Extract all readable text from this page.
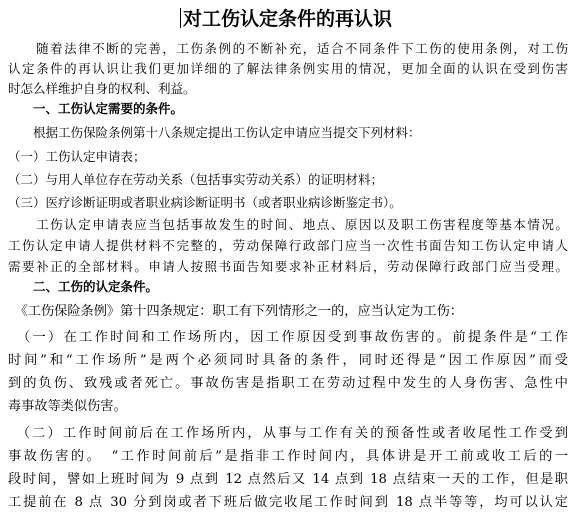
对工伤认定条件的再认识

　　随着法律不断的完善，工伤条例的不断补充，适合不同条件下工伤的使用条例，对工伤

认定条件的再认识让我们更加详细的了解法律条例实用的情况，更加全面的认识在受到伤害

时怎么样维护自身的权利、利益。

　　一、工伤认定需要的条件。

　　根据工伤保险条例第十八条规定提出工伤认定申请应当提交下列材料：

（一）工伤认定申请表；

（二）与用人单位存在劳动关系（包括事实劳动关系）的证明材料；

（三）医疗诊断证明或者职业病诊断证明书（或者职业病诊断鉴定书）。

　　工伤认定申请表应当包括事故发生的时间、地点、原因以及职工伤害程度等基本情况。

工伤认定申请人提供材料不完整的，劳动保障行政部门应当一次性书面告知工伤认定申请人

需要补正的全部材料。申请人按照书面告知要求补正材料后，劳动保障行政部门应当受理。

　　二、工伤的认定条件。

　《工伤保险条例》第十四条规定：职工有下列情形之一的，应当认定为工伤：

　（一）在工作时间和工作场所内，因工作原因受到事故伤害的。前提条件是“工作

时间”和“工作场所”是两个必须同时具备的条件，同时还得是“因工作原因”而受

到的负伤、致残或者死亡。事故伤害是指职工在劳动过程中发生的人身伤害、急性中

毒事故等类似伤害。

　（二）工作时间前后在工作场所内，从事与工作有关的预备性或者收尾性工作受到

事故伤害的。　“工作时间前后”是指非工作时间内，具体讲是开工前或收工后的一

段时间，譬如上班时间为 9 点到 12 点然后又 14 点到 18 点结束一天的工作，但是职

工提前在 8 点 30 分到岗或者下班后做完收尾工作时间到 18 点半等等，均可以认定
